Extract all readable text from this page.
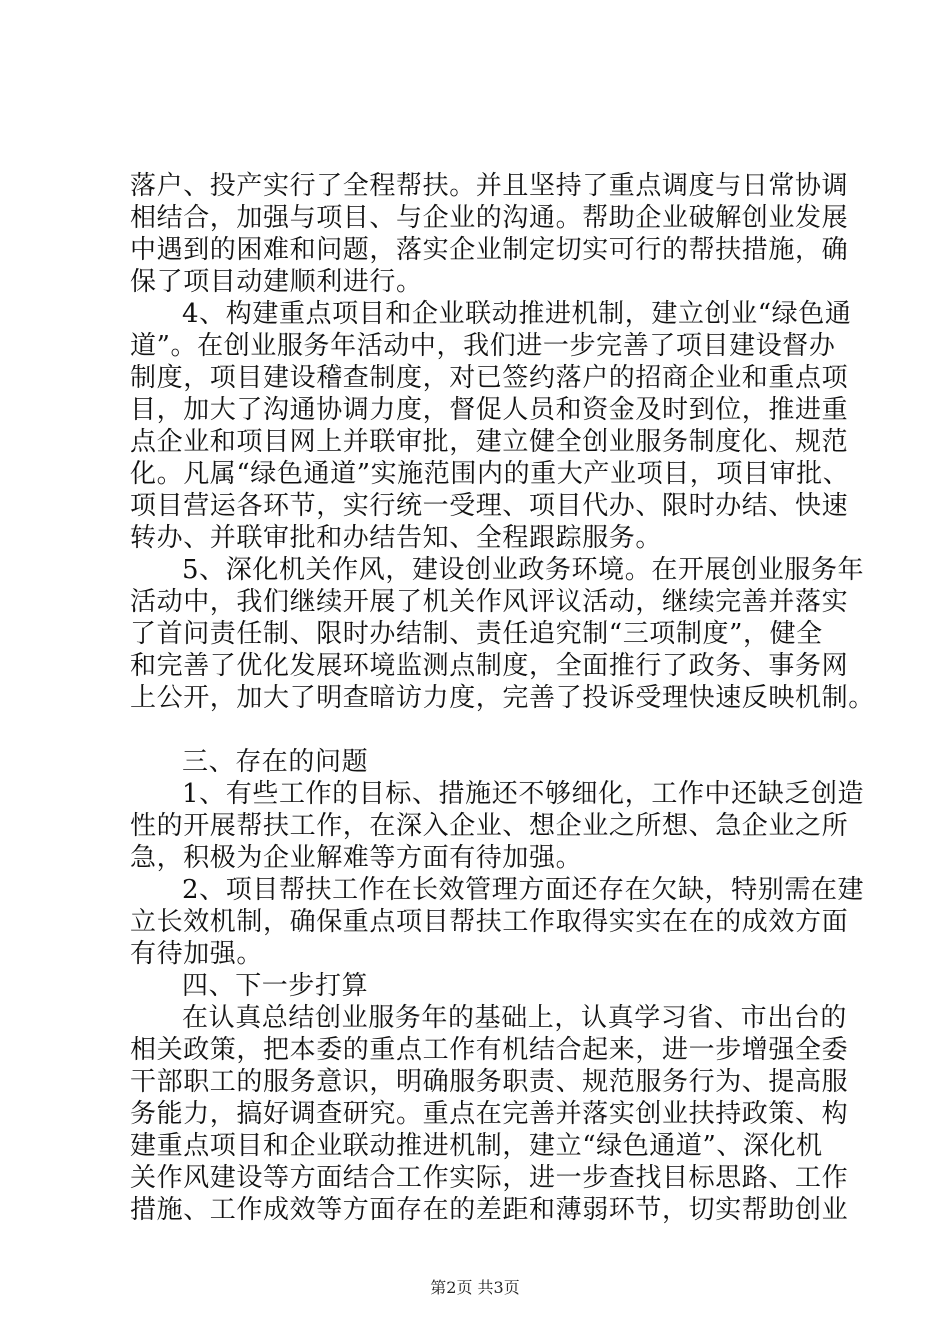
落户、投产实行了全程帮扶。并且坚持了重点调度与日常协调
相结合，加强与项目、与企业的沟通。帮助企业破解创业发展
中遇到的困难和问题，落实企业制定切实可行的帮扶措施，确
保了项目动建顺利进行。
4、构建重点项目和企业联动推进机制，建立创业“绿色通
道”。在创业服务年活动中，我们进一步完善了项目建设督办
制度，项目建设稽查制度，对已签约落户的招商企业和重点项
目，加大了沟通协调力度，督促人员和资金及时到位，推进重
点企业和项目网上并联审批，建立健全创业服务制度化、规范
化。凡属“绿色通道”实施范围内的重大产业项目，项目审批、
项目营运各环节，实行统一受理、项目代办、限时办结、快速
转办、并联审批和办结告知、全程跟踪服务。
5、深化机关作风，建设创业政务环境。在开展创业服务年
活动中，我们继续开展了机关作风评议活动，继续完善并落实
了首问责任制、限时办结制、责任追究制“三项制度”，健全
和完善了优化发展环境监测点制度，全面推行了政务、事务网
上公开，加大了明查暗访力度，完善了投诉受理快速反映机制。
三、存在的问题
1、有些工作的目标、措施还不够细化，工作中还缺乏创造
性的开展帮扶工作，在深入企业、想企业之所想、急企业之所
急，积极为企业解难等方面有待加强。
2、项目帮扶工作在长效管理方面还存在欠缺，特别需在建
立长效机制，确保重点项目帮扶工作取得实实在在的成效方面
有待加强。
四、下一步打算
在认真总结创业服务年的基础上，认真学习省、市出台的
相关政策，把本委的重点工作有机结合起来，进一步增强全委
干部职工的服务意识，明确服务职责、规范服务行为、提高服
务能力，搞好调查研究。重点在完善并落实创业扶持政策、构
建重点项目和企业联动推进机制，建立“绿色通道”、深化机
关作风建设等方面结合工作实际，进一步查找目标思路、工作
措施、工作成效等方面存在的差距和薄弱环节，切实帮助创业
第2页 共3页
